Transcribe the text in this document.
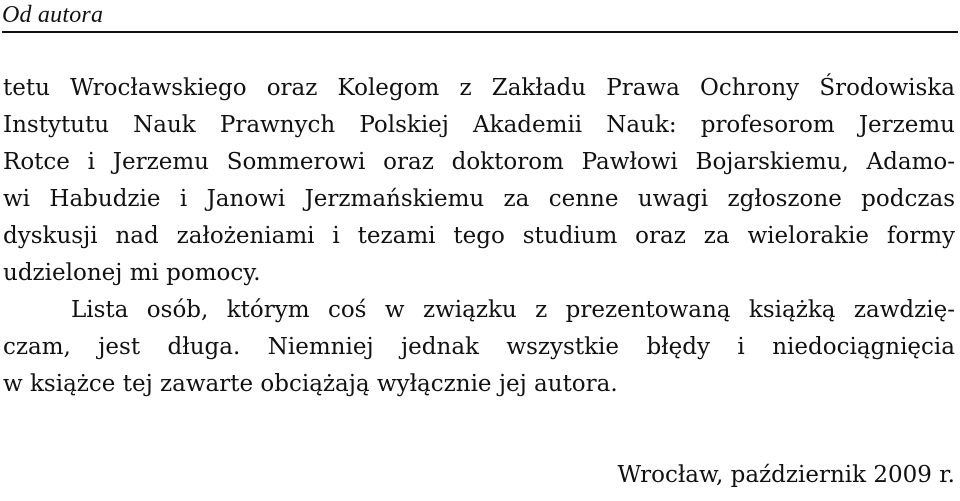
Od autora
tetu Wrocławskiego oraz Kolegom z Zakładu Prawa Ochrony Środowiska
Instytutu Nauk Prawnych Polskiej Akademii Nauk: profesorom Jerzemu
Rotce i Jerzemu Sommerowi oraz doktorom Pawłowi Bojarskiemu, Adamo-
wi Habudzie i Janowi Jerzmańskiemu za cenne uwagi zgłoszone podczas
dyskusji nad założeniami i tezami tego studium oraz za wielorakie formy
udzielonej mi pomocy.
Lista osób, którym coś w związku z prezentowaną książką zawdzię-
czam, jest długa. Niemniej jednak wszystkie błędy i niedociągnięcia
w książce tej zawarte obciążają wyłącznie jej autora.
Wrocław, październik 2009 r.
